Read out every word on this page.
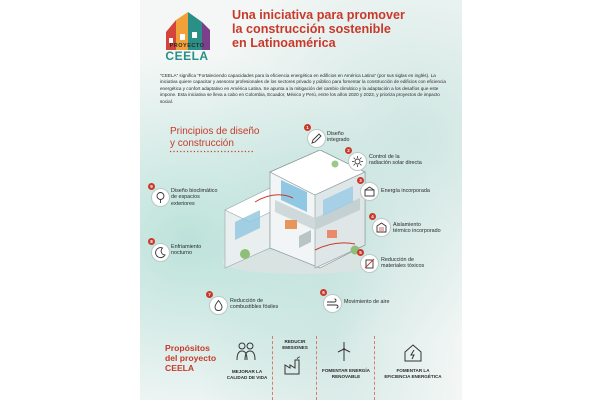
PROYECTO
CEELA
Una iniciativa para promover
la construcción sostenible
en Latinoamérica
“CEELA” significa “Fortaleciendo capacidades para la eficiencia energética en edificios en América Latina” (por sus siglas en inglés). La iniciativa quiere capacitar y asesorar profesionales de los sectores privado y público para fomentar la construcción de edificios con eficiencia energética y confort adaptativo en América Latina. Se apunta a la mitigación del cambio climático y la adaptación a los desafíos que este impone. Esta iniciativa se lleva a cabo en Colombia, Ecuador, México y Perú, entre los años 2020 y 2023, y prioriza proyectos de impacto social.
Principios de diseño
y construcción
1
Diseño
integrado
2
Control de la
radiación solar directa
3
Energía incorporada
4
Aislamiento
térmico incorporado
5
Reducción de
materiales tóxicos
6
Movimiento de aire
7
Reducción de
combustibles fósiles
8
Enfriamiento
nocturno
9
Diseño bioclimático
de espacios
exteriores
Propósitos
del proyecto
CEELA	MEJORAR LA
CALIDAD DE VIDA
REDUCIR
EMISIONES
FOMENTAR ENERGÍA
RENOVABLE
FOMENTAR LA
EFICIENCIA ENERGÉTICA
